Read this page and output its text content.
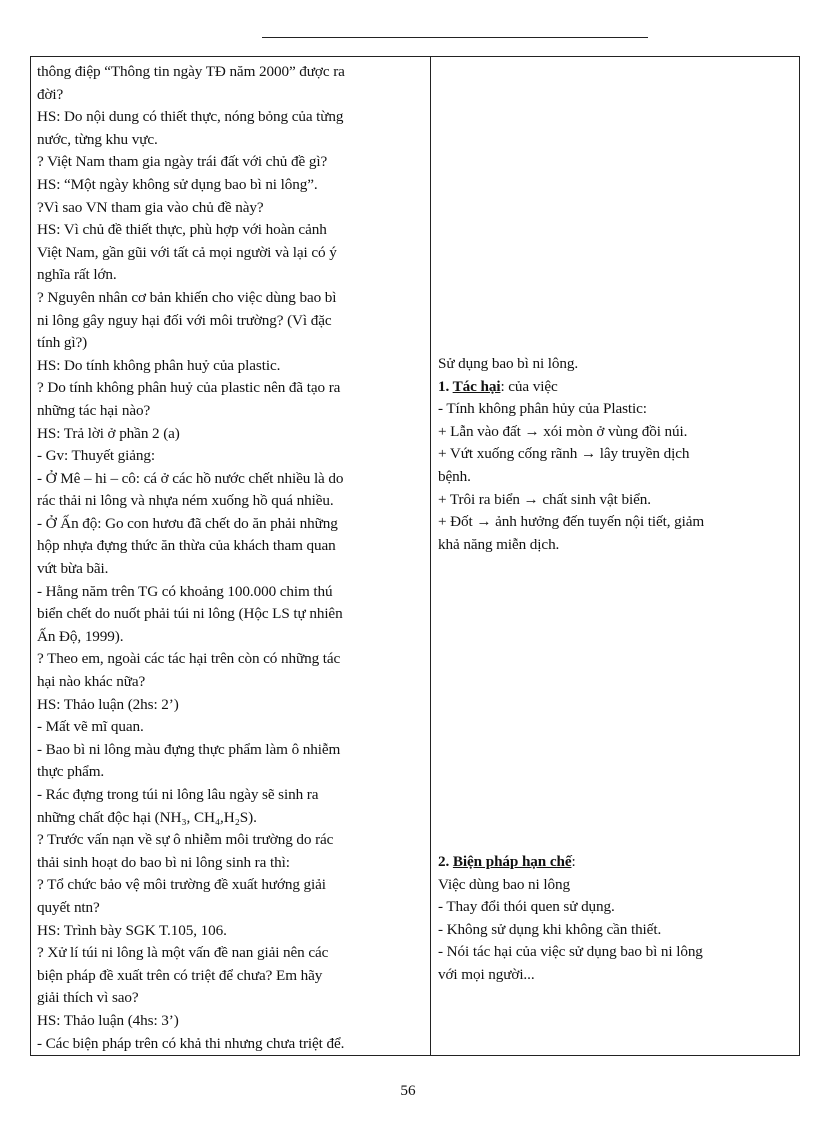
thông điệp “Thông tin ngày TĐ năm 2000” được ra
đời?
HS: Do nội dung có thiết thực, nóng bỏng của từng
nước, từng khu vực.
? Việt Nam tham gia ngày trái đất với chủ đề gì?
HS: “Một ngày không sử dụng bao bì ni lông”.
?Vì sao VN tham gia vào chủ đề này?
HS: Vì chủ đề thiết thực, phù hợp với hoàn cảnh
Việt Nam, gần gũi với tất cả mọi người và lại có ý
nghĩa rất lớn.
? Nguyên nhân cơ bản khiến cho việc dùng bao bì
ni lông gây nguy hại đối với môi trường? (Vì đặc
tính gì?)
HS: Do tính không phân huỷ của plastic.
? Do tính không phân huỷ của plastic nên đã tạo ra
những tác hại nào?
HS: Trả lời ở phần 2 (a)
- Gv: Thuyết giảng:
- Ở Mê – hi – cô: cá ở các hồ nước chết nhiều là do
rác thải ni lông và nhựa ném xuống hồ quá nhiều.
- Ở Ấn độ: Go con hươu đã chết do ăn phải những
hộp nhựa đựng thức ăn thừa của khách tham quan
vứt bừa bãi.
- Hằng năm trên TG có khoảng 100.000 chim thú
biển chết do nuốt phải túi ni lông (Hộc LS tự nhiên
Ấn Độ, 1999).
? Theo em, ngoài các tác hại trên còn có những tác
hại nào khác nữa?
HS: Thảo luận (2hs: 2’)
- Mất vẽ mĩ quan.
- Bao bì ni lông màu đựng thực phẩm làm ô nhiễm
thực phẩm.
- Rác đựng trong túi ni lông lâu ngày sẽ sinh ra
những chất độc hại (NH₃, CH₄,H₂S).
? Trước vấn nạn về sự ô nhiễm môi trường do rác
thải sinh hoạt do bao bì ni lông sinh ra thì:
? Tổ chức bảo vệ môi trường đề xuất hướng giải
quyết ntn?
HS: Trình bày SGK T.105, 106.
? Xử lí túi ni lông là một vấn đề nan giải nên các
biện pháp đề xuất trên có triệt để chưa? Em hãy
giải thích vì sao?
HS: Thảo luận (4hs: 3’)
- Các biện pháp trên có khả thi nhưng chưa triệt để.
Sử dụng bao bì ni lông.
1. Tác hại: của việc
- Tính không phân hủy của Plastic:
+ Lẫn vào đất → xói mòn ở vùng đồi núi.
+ Vứt xuống cống rãnh → lây truyền dịch
bệnh.
+ Trôi ra biển → chất sinh vật biển.
+ Đốt → ảnh hưởng đến tuyến nội tiết, giảm
khả năng miễn dịch.
2. Biện pháp hạn chế:
Việc dùng bao ni lông
- Thay đổi thói quen sử dụng.
- Không sử dụng khi không cần thiết.
- Nói tác hại của việc sử dụng bao bì ni lông
với mọi người...
56
